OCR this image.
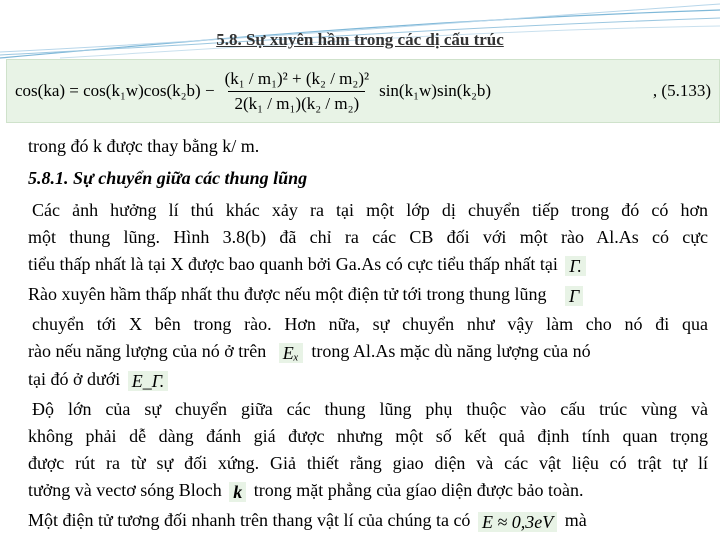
5.8. Sự xuyên hầm trong các dị cấu trúc
$\cos(ka) = \cos(k_1w)\cos(k_2b) - \frac{\text{(k₁ / m₁)² + (k₂ / m₂)²}}{\text{2(k₁ / m₁)(k₂ / m₂)}} \sin(k_1w)\sin(k_2b)$	, (5.133)
trong đó k được thay bằng k/ m.
5.8.1. Sự chuyển giữa các thung lũng
Các ảnh hưởng lí thú khác xảy ra tại một lớp dị chuyển tiếp trong đó có hơn
một thung lũng. Hình 3.8(b) đã chỉ ra các CB đối với một rào Al.As có cực
tiểu thấp nhất là tại X được bao quanh bởi Ga.As có cực tiểu thấp nhất tại Γ.
Rào xuyên hầm thấp nhất thu được nếu một điện tử tới trong thung lũng Γ
chuyển tới X bên trong rào. Hơn nữa, sự chuyển như vậy làm cho nó đi qua
rào nếu năng lượng của nó ở trên Eₓ trong Al.As mặc dù năng lượng của nó
tại đó ở dưới E_Γ.
Độ lớn của sự chuyển giữa các thung lũng phụ thuộc vào cấu trúc vùng và
không phải dễ dàng đánh giá được nhưng một số kết quả định tính quan trọng
được rút ra từ sự đối xứng. Giả thiết rằng giao diện và các vật liệu có trật tự lí
tưởng và vectơ sóng Bloch k trong mặt phẳng của gíao diện được bảo toàn.
Một điện tử tương đối nhanh trên thang vật lí của chúng ta có E ≈ 0,3eV mà
